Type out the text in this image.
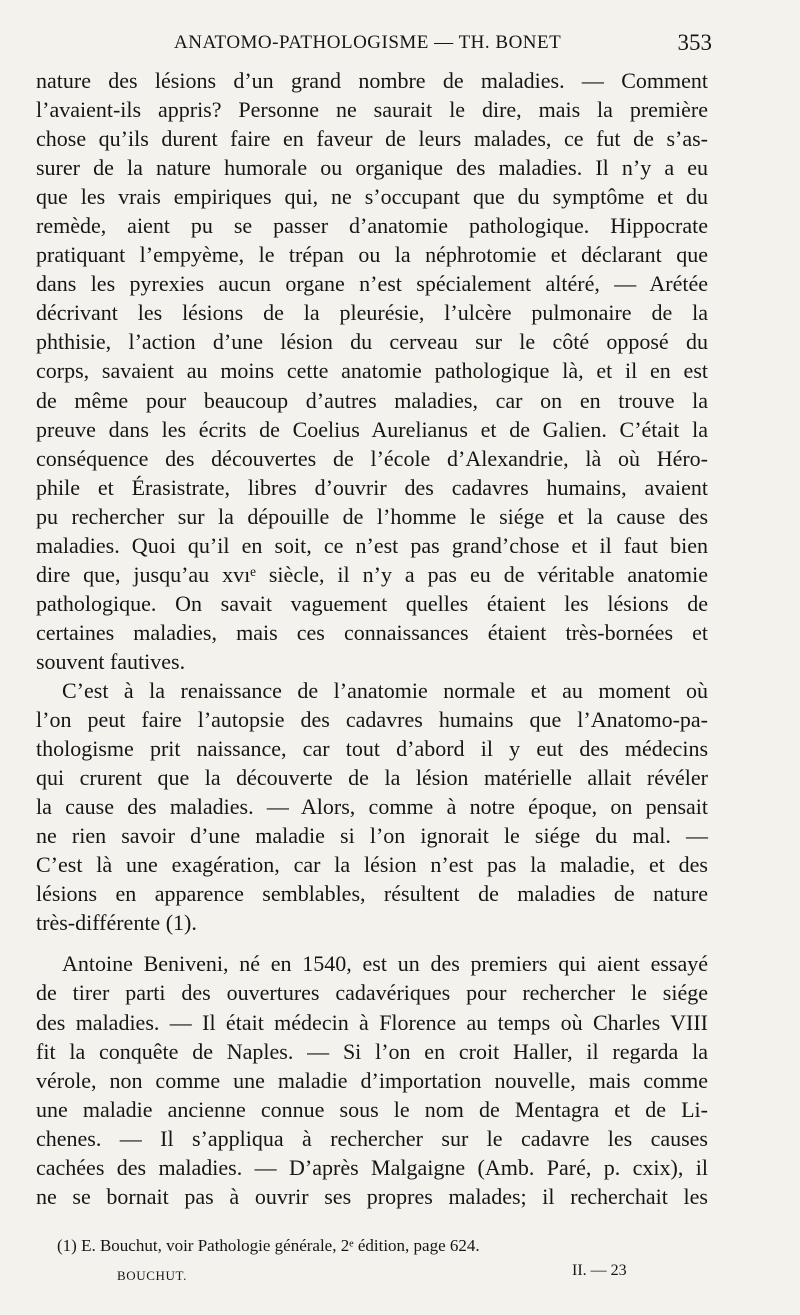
ANATOMO-PATHOLOGISME — TH. BONET	353
nature des lésions d’un grand nombre de maladies. — Comment
l’avaient-ils appris? Personne ne saurait le dire, mais la première
chose qu’ils durent faire en faveur de leurs malades, ce fut de s’as-
surer de la nature humorale ou organique des maladies. Il n’y a eu
que les vrais empiriques qui, ne s’occupant que du symptôme et du
remède, aient pu se passer d’anatomie pathologique. Hippocrate
pratiquant l’empyème, le trépan ou la néphrotomie et déclarant que
dans les pyrexies aucun organe n’est spécialement altéré, — Arétée
décrivant les lésions de la pleurésie, l’ulcère pulmonaire de la
phthisie, l’action d’une lésion du cerveau sur le côté opposé du
corps, savaient au moins cette anatomie pathologique là, et il en est
de même pour beaucoup d’autres maladies, car on en trouve la
preuve dans les écrits de Coelius Aurelianus et de Galien. C’était la
conséquence des découvertes de l’école d’Alexandrie, là où Héro-
phile et Érasistrate, libres d’ouvrir des cadavres humains, avaient
pu rechercher sur la dépouille de l’homme le siége et la cause des
maladies. Quoi qu’il en soit, ce n’est pas grand’chose et il faut bien
dire que, jusqu’au xvıᵉ siècle, il n’y a pas eu de véritable anatomie
pathologique. On savait vaguement quelles étaient les lésions de
certaines maladies, mais ces connaissances étaient très-bornées et
souvent fautives.
C’est à la renaissance de l’anatomie normale et au moment où
l’on peut faire l’autopsie des cadavres humains que l’Anatomo-pa-
thologisme prit naissance, car tout d’abord il y eut des médecins
qui crurent que la découverte de la lésion matérielle allait révéler
la cause des maladies. — Alors, comme à notre époque, on pensait
ne rien savoir d’une maladie si l’on ignorait le siége du mal. —
C’est là une exagération, car la lésion n’est pas la maladie, et des
lésions en apparence semblables, résultent de maladies de nature
très-différente (1).
Antoine Beniveni, né en 1540, est un des premiers qui aient essayé
de tirer parti des ouvertures cadavériques pour rechercher le siége
des maladies. — Il était médecin à Florence au temps où Charles VIII
fit la conquête de Naples. — Si l’on en croit Haller, il regarda la
vérole, non comme une maladie d’importation nouvelle, mais comme
une maladie ancienne connue sous le nom de Mentagra et de Li-
chenes. — Il s’appliqua à rechercher sur le cadavre les causes
cachées des maladies. — D’après Malgaigne (Amb. Paré, p. cxix), il
ne se bornait pas à ouvrir ses propres malades; il recherchait les
(1) E. Bouchut, voir Pathologie générale, 2ᵉ édition, page 624.
BOUCHUT.	II. — 23
